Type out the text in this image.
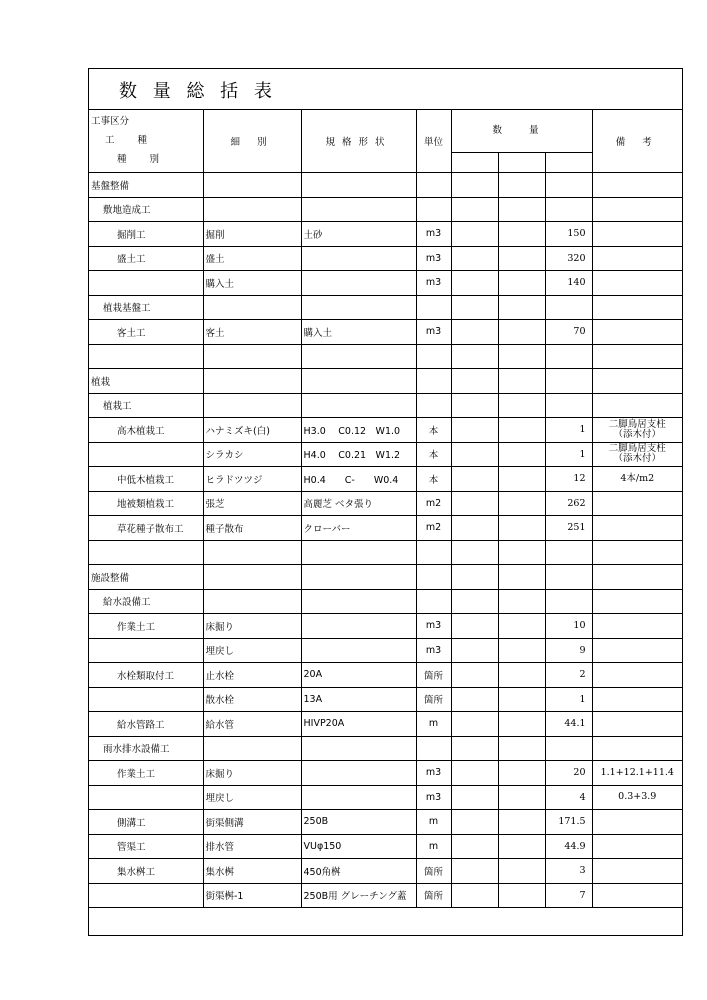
数 量 総 括 表
工事区分
工 種
種 別	細 別	規格形状	単位	数 量			備 考
基盤整備							
敷地造成工							
掘削工	掘削	土砂	m3			150	
盛土工	盛土		m3			320	
	購入土		m3			140	
植栽基盤工							
客土工	客土	購入土	m3			70	

植栽							
植栽工							
高木植栽工	ハナミズキ(白)	H3.0　 C0.12　W1.0	本			1	二脚鳥居支柱
（添木付）
	シラカシ	H4.0　 C0.21　W1.2	本			1	二脚鳥居支柱
（添木付）
中低木植栽工	ヒラドツツジ	H0.4　　C-　　W0.4	本			12	4本/m2
地被類植栽工	張芝	高麗芝 ベタ張り	m2			262	
草花種子散布工	種子散布	クローバー	m2			251	

施設整備							
給水設備工							
作業土工	床掘り		m3			10	
	埋戻し		m3			9	
水栓類取付工	止水栓	20A	箇所			2	
	散水栓	13A	箇所			1	
給水管路工	給水管	HIVP20A	m			44.1	
雨水排水設備工							
作業土工	床掘り		m3			20	1.1+12.1+11.4
	埋戻し		m3			4	0.3+3.9
側溝工	街渠側溝	250B	m			171.5	
管渠工	排水管	VUφ150	m			44.9	
集水桝工	集水桝	450角桝	箇所			3	
	街渠桝-1	250B用 グレーチング蓋	箇所			7	
